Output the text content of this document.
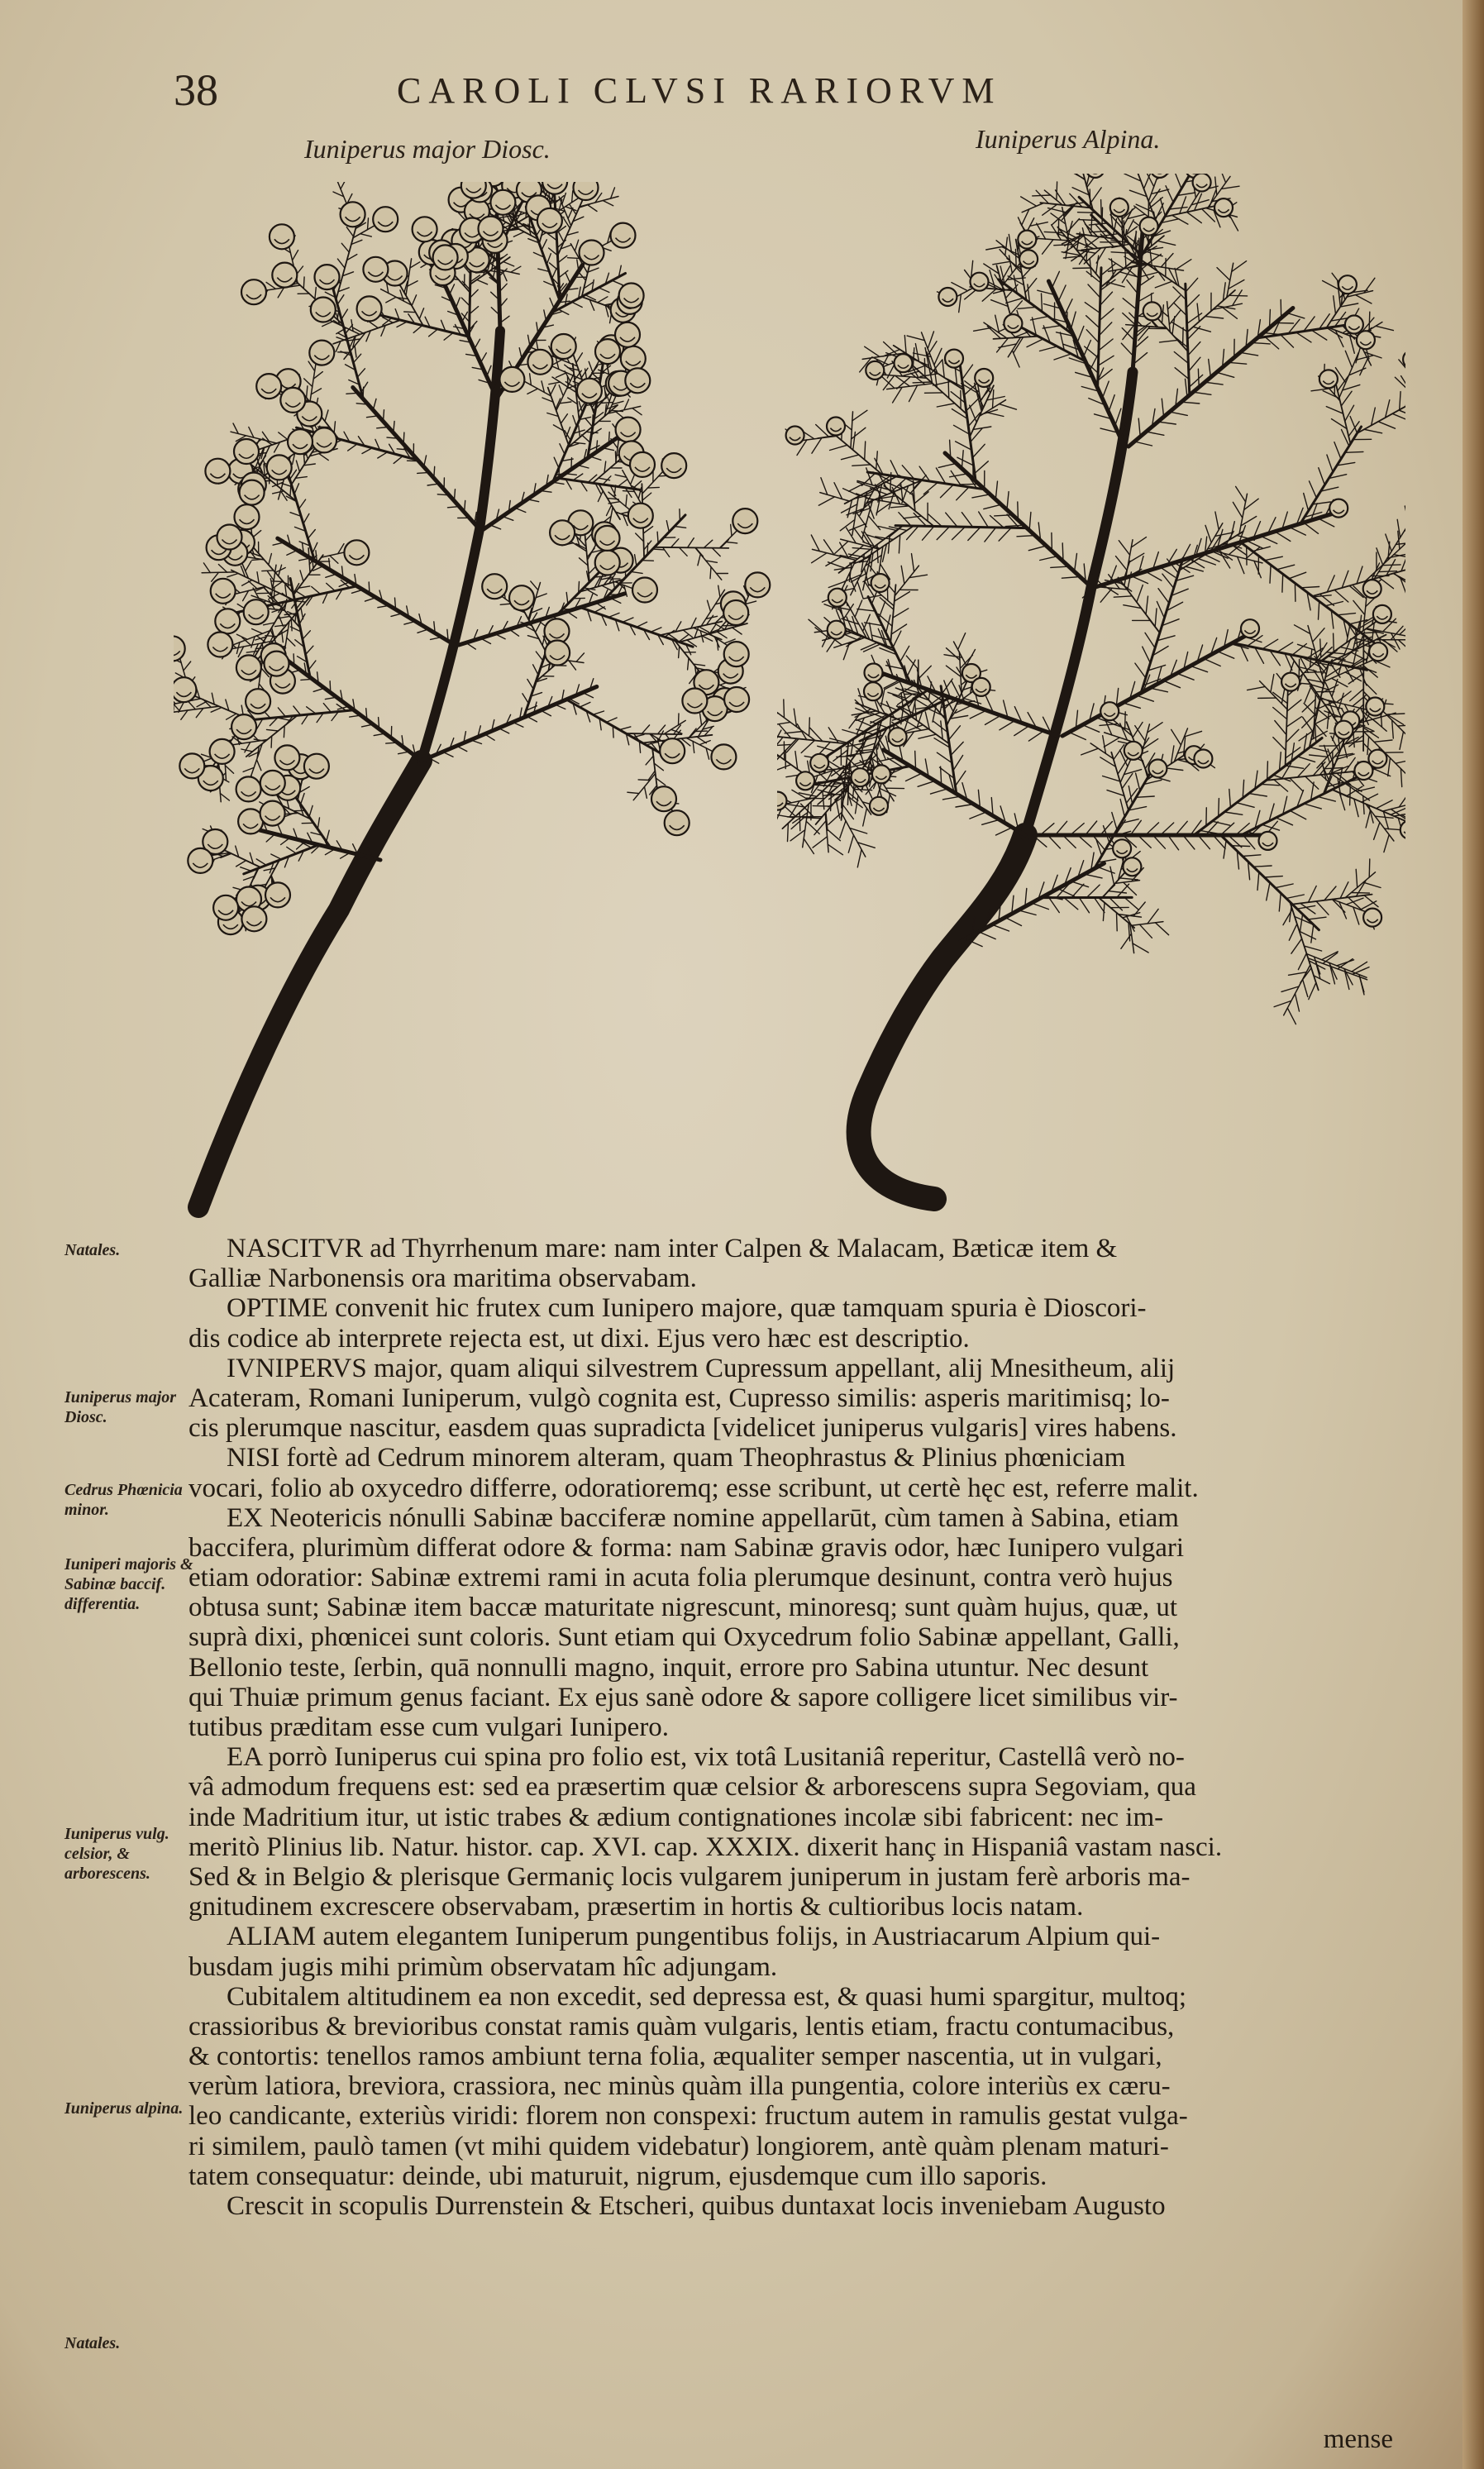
38	CAROLI CLVSI RARIORVM
Iuniperus major Diosc.	Iuniperus Alpina.
Natales.
Iuniperus major Diosc.
Cedrus Phœnicia minor.
Iuniperi majoris & Sabinæ baccif. differentia.
Iuniperus vulg. celsior, & arborescens.
Iuniperus alpina.
Natales.
NASCITVR ad Thyrrhenum mare: nam inter Calpen & Malacam, Bæticæ item &
Galliæ Narbonensis ora maritima observabam.
OPTIME convenit hic frutex cum Iunipero majore, quæ tamquam spuria è Dioscori-
dis codice ab interprete rejecta est, ut dixi. Ejus vero hæc est descriptio.
IVNIPERVS major, quam aliqui silvestrem Cupressum appellant, alij Mnesitheum, alij
Acateram, Romani Iuniperum, vulgò cognita est, Cupresso similis: asperis maritimisq; lo-
cis plerumque nascitur, easdem quas supradicta [videlicet juniperus vulgaris] vires habens.
NISI fortè ad Cedrum minorem alteram, quam Theophrastus & Plinius phœniciam
vocari, folio ab oxycedro differre, odoratioremq; esse scribunt, ut certè hęc est, referre malit.
EX Neotericis nónulli Sabinæ bacciferæ nomine appellarūt, cùm tamen à Sabina, etiam
baccifera, plurimùm differat odore & forma: nam Sabinæ gravis odor, hæc Iunipero vulgari
etiam odoratior: Sabinæ extremi rami in acuta folia plerumque desinunt, contra verò hujus
obtusa sunt; Sabinæ item baccæ maturitate nigrescunt, minoresq; sunt quàm hujus, quæ, ut
suprà dixi, phœnicei sunt coloris. Sunt etiam qui Oxycedrum folio Sabinæ appellant, Galli,
Bellonio teste, ſerbin, quā nonnulli magno, inquit, errore pro Sabina utuntur. Nec desunt
qui Thuiæ primum genus faciant. Ex ejus sanè odore & sapore colligere licet similibus vir-
tutibus præditam esse cum vulgari Iunipero.
EA porrò Iuniperus cui spina pro folio est, vix totâ Lusitaniâ reperitur, Castellâ verò no-
vâ admodum frequens est: sed ea præsertim quæ celsior & arborescens supra Segoviam, qua
inde Madritium itur, ut istic trabes & ædium contignationes incolæ sibi fabricent: nec im-
meritò Plinius lib. Natur. histor. cap. XVI. cap. XXXIX. dixerit hanç in Hispaniâ vastam nasci.
Sed & in Belgio & plerisque Germaniç locis vulgarem juniperum in justam ferè arboris ma-
gnitudinem excrescere observabam, præsertim in hortis & cultioribus locis natam.
ALIAM autem elegantem Iuniperum pungentibus folijs, in Austriacarum Alpium qui-
busdam jugis mihi primùm observatam hîc adjungam.
Cubitalem altitudinem ea non excedit, sed depressa est, & quasi humi spargitur, multoq;
crassioribus & brevioribus constat ramis quàm vulgaris, lentis etiam, fractu contumacibus,
& contortis: tenellos ramos ambiunt terna folia, æqualiter semper nascentia, ut in vulgari,
verùm latiora, breviora, crassiora, nec minùs quàm illa pungentia, colore interiùs ex cæru-
leo candicante, exteriùs viridi: florem non conspexi: fructum autem in ramulis gestat vulga-
ri similem, paulò tamen (vt mihi quidem videbatur) longiorem, antè quàm plenam maturi-
tatem consequatur: deinde, ubi maturuit, nigrum, ejusdemque cum illo saporis.
Crescit in scopulis Durrenstein & Etscheri, quibus duntaxat locis inveniebam Augusto
mense
